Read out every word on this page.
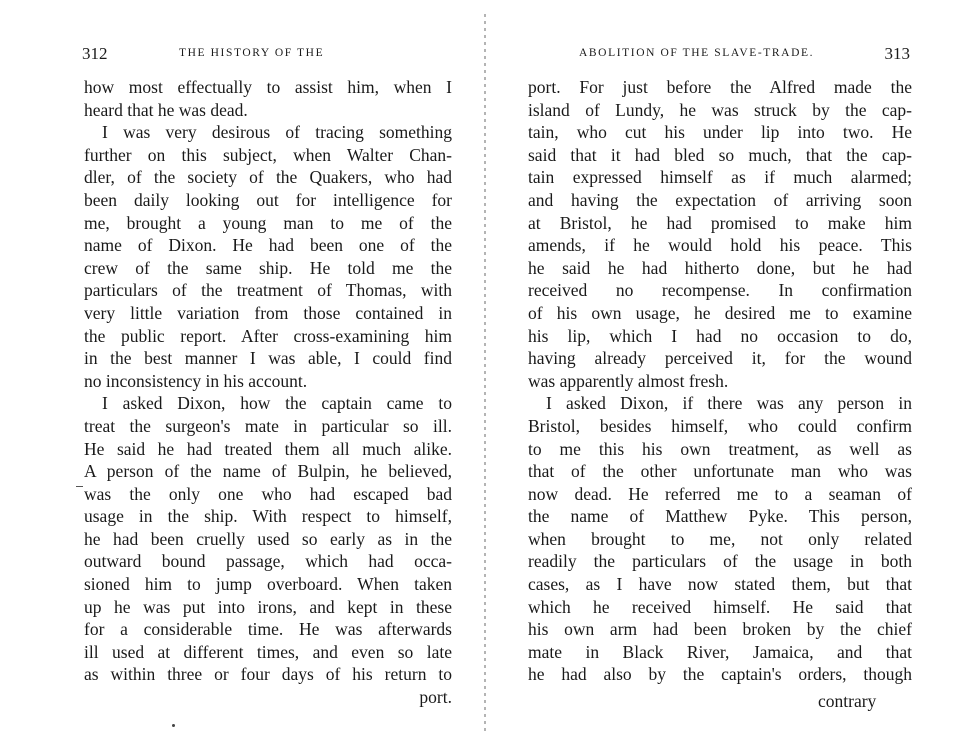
312	THE HISTORY OF THE
how most effectually to assist him, when I
heard that he was dead.
I was very desirous of tracing something
further on this subject, when Walter Chan-
dler, of the society of the Quakers, who had
been daily looking out for intelligence for
me, brought a young man to me of the
name of Dixon. He had been one of the
crew of the same ship. He told me the
particulars of the treatment of Thomas, with
very little variation from those contained in
the public report. After cross-examining him
in the best manner I was able, I could find
no inconsistency in his account.
I asked Dixon, how the captain came to
treat the surgeon's mate in particular so ill.
He said he had treated them all much alike.
A person of the name of Bulpin, he believed,
was the only one who had escaped bad
usage in the ship. With respect to himself,
he had been cruelly used so early as in the
outward bound passage, which had occa-
sioned him to jump overboard. When taken
up he was put into irons, and kept in these
for a considerable time. He was afterwards
ill used at different times, and even so late
as within three or four days of his return to
port.
ABOLITION OF THE SLAVE-TRADE.	313
port. For just before the Alfred made the
island of Lundy, he was struck by the cap-
tain, who cut his under lip into two. He
said that it had bled so much, that the cap-
tain expressed himself as if much alarmed;
and having the expectation of arriving soon
at Bristol, he had promised to make him
amends, if he would hold his peace. This
he said he had hitherto done, but he had
received no recompense. In confirmation
of his own usage, he desired me to examine
his lip, which I had no occasion to do,
having already perceived it, for the wound
was apparently almost fresh.
I asked Dixon, if there was any person in
Bristol, besides himself, who could confirm
to me this his own treatment, as well as
that of the other unfortunate man who was
now dead. He referred me to a seaman of
the name of Matthew Pyke. This person,
when brought to me, not only related
readily the particulars of the usage in both
cases, as I have now stated them, but that
which he received himself. He said that
his own arm had been broken by the chief
mate in Black River, Jamaica, and that
he had also by the captain's orders, though
contrary
